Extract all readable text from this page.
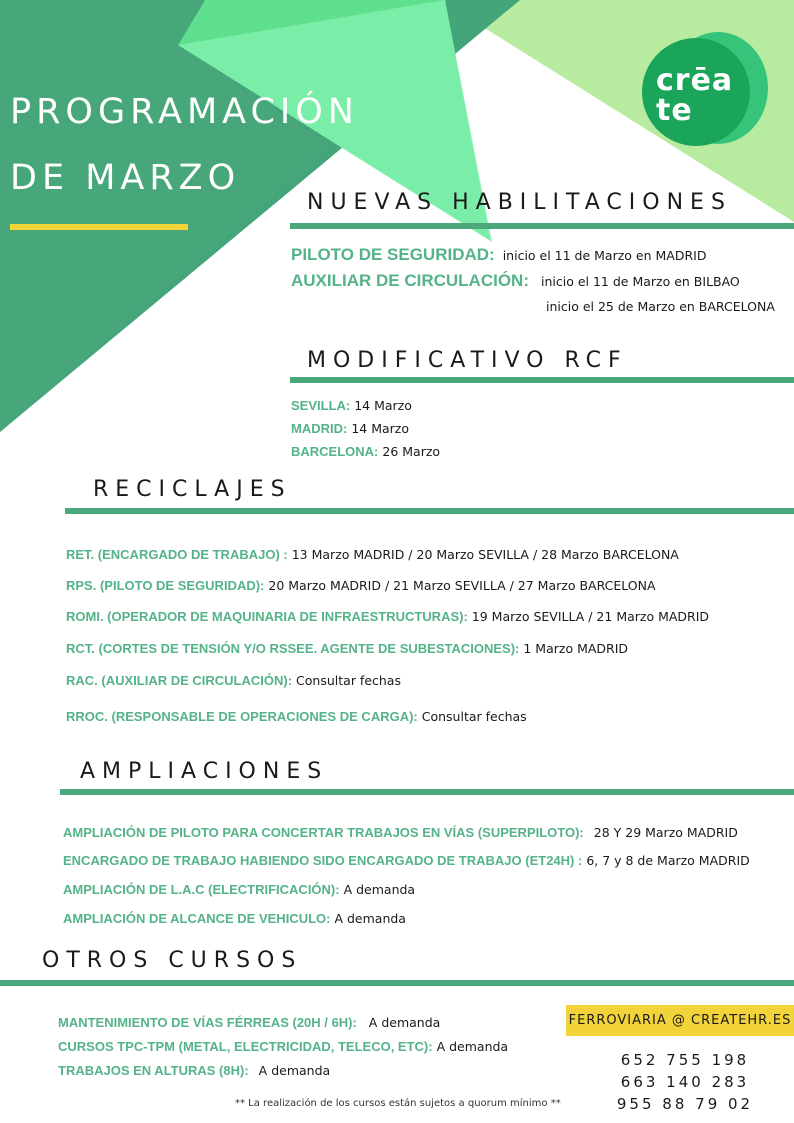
crēa te
PROGRAMACIÓN
DE MARZO
NUEVAS HABILITACIONES
PILOTO DE SEGURIDAD: inicio el 11 de Marzo en MADRID
AUXILIAR DE CIRCULACIÓN: inicio el 11 de Marzo en BILBAO
inicio el 25 de Marzo en BARCELONA
MODIFICATIVO RCF
SEVILLA: 14 Marzo
MADRID: 14 Marzo
BARCELONA: 26 Marzo
RECICLAJES
RET. (ENCARGADO DE TRABAJO) : 13 Marzo MADRID / 20 Marzo SEVILLA / 28 Marzo BARCELONA
RPS. (PILOTO DE SEGURIDAD): 20 Marzo MADRID / 21 Marzo SEVILLA / 27 Marzo BARCELONA
ROMI. (OPERADOR DE MAQUINARIA DE INFRAESTRUCTURAS): 19 Marzo SEVILLA / 21 Marzo MADRID
RCT. (CORTES DE TENSIÓN Y/O RSSEE. AGENTE DE SUBESTACIONES): 1 Marzo MADRID
RAC. (AUXILIAR DE CIRCULACIÓN): Consultar fechas
RROC. (RESPONSABLE DE OPERACIONES DE CARGA): Consultar fechas
AMPLIACIONES
AMPLIACIÓN DE PILOTO PARA CONCERTAR TRABAJOS EN VÍAS (SUPERPILOTO): 28 Y 29 Marzo MADRID
ENCARGADO DE TRABAJO HABIENDO SIDO ENCARGADO DE TRABAJO (ET24H) : 6, 7 y 8 de Marzo MADRID
AMPLIACIÓN DE L.A.C (ELECTRIFICACIÓN): A demanda
AMPLIACIÓN DE ALCANCE DE VEHICULO: A demanda
OTROS CURSOS
MANTENIMIENTO DE VÍAS FÉRREAS (20H / 6H): A demanda
CURSOS TPC-TPM (METAL, ELECTRICIDAD, TELECO, ETC): A demanda
TRABAJOS EN ALTURAS (8H): A demanda
** La realización de los cursos están sujetos a quorum mínimo **
FERROVIARIA @ CREATEHR.ES
652 755 198
663 140 283
955 88 79 02
